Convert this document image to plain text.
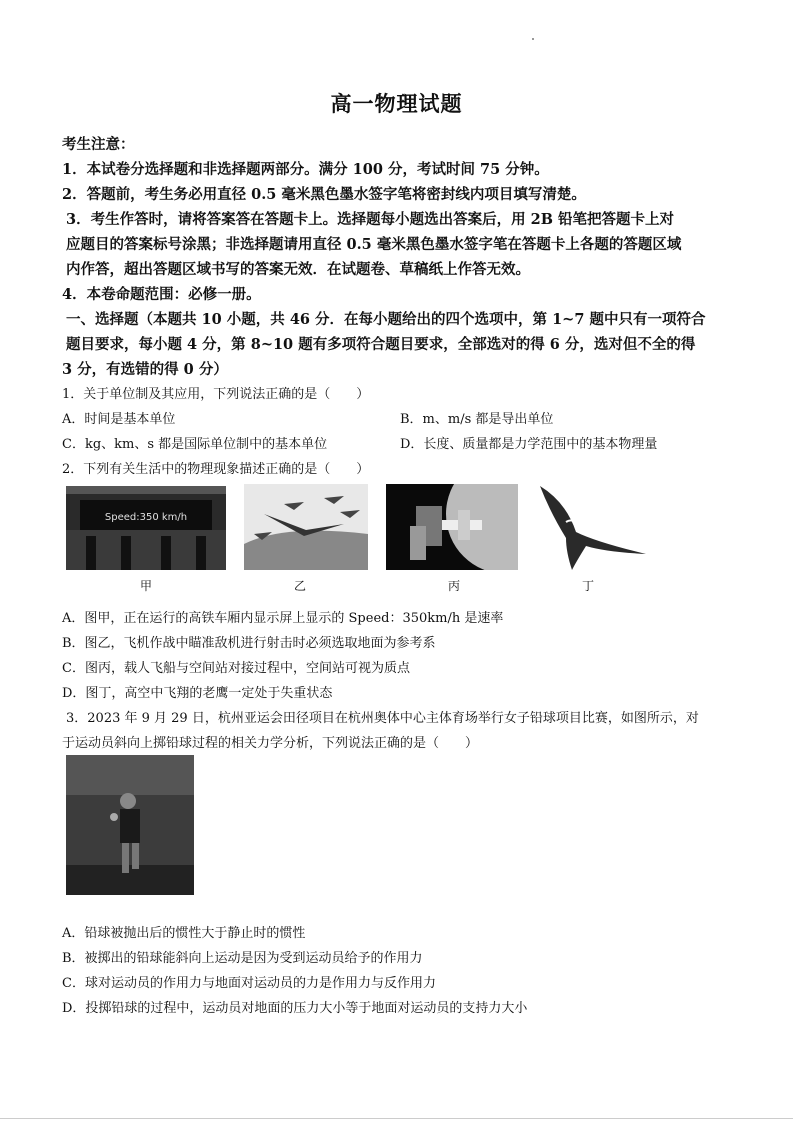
高一物理试题
考生注意：
1．本试卷分选择题和非选择题两部分。满分 100 分，考试时间 75 分钟。
2．答题前，考生务必用直径 0.5 毫米黑色墨水签字笔将密封线内项目填写清楚。
3．考生作答时，请将答案答在答题卡上。选择题每小题选出答案后，用 2B 铅笔把答题卡上对
应题目的答案标号涂黑；非选择题请用直径 0.5 毫米黑色墨水签字笔在答题卡上各题的答题区域
内作答，超出答题区域书写的答案无效．在试题卷、草稿纸上作答无效。
4．本卷命题范围：必修一册。
一、选择题（本题共 10 小题，共 46 分．在每小题给出的四个选项中，第 1~7 题中只有一项符合
题目要求，每小题 4 分，第 8~10 题有多项符合题目要求，全部选对的得 6 分，选对但不全的得
3 分，有选错的得 0 分）
1．关于单位制及其应用，下列说法正确的是（　　）
A．时间是基本单位	B．m、m/s 都是导出单位
C．kg、km、s 都是国际单位制中的基本单位	D．长度、质量都是力学范围中的基本物理量
2．下列有关生活中的物理现象描述正确的是（　　）
Speed:350 km/h
甲	乙	丙	丁
A．图甲，正在运行的高铁车厢内显示屏上显示的 Speed：350km/h 是速率
B．图乙，飞机作战中瞄准敌机进行射击时必须选取地面为参考系
C．图丙，载人飞船与空间站对接过程中，空间站可视为质点
D．图丁，高空中飞翔的老鹰一定处于失重状态
3．2023 年 9 月 29 日，杭州亚运会田径项目在杭州奥体中心主体育场举行女子铅球项目比赛，如图所示，对
于运动员斜向上掷铅球过程的相关力学分析，下列说法正确的是（　　）
A．铅球被抛出后的惯性大于静止时的惯性
B．被掷出的铅球能斜向上运动是因为受到运动员给予的作用力
C．球对运动员的作用力与地面对运动员的力是作用力与反作用力
D．投掷铅球的过程中，运动员对地面的压力大小等于地面对运动员的支持力大小
